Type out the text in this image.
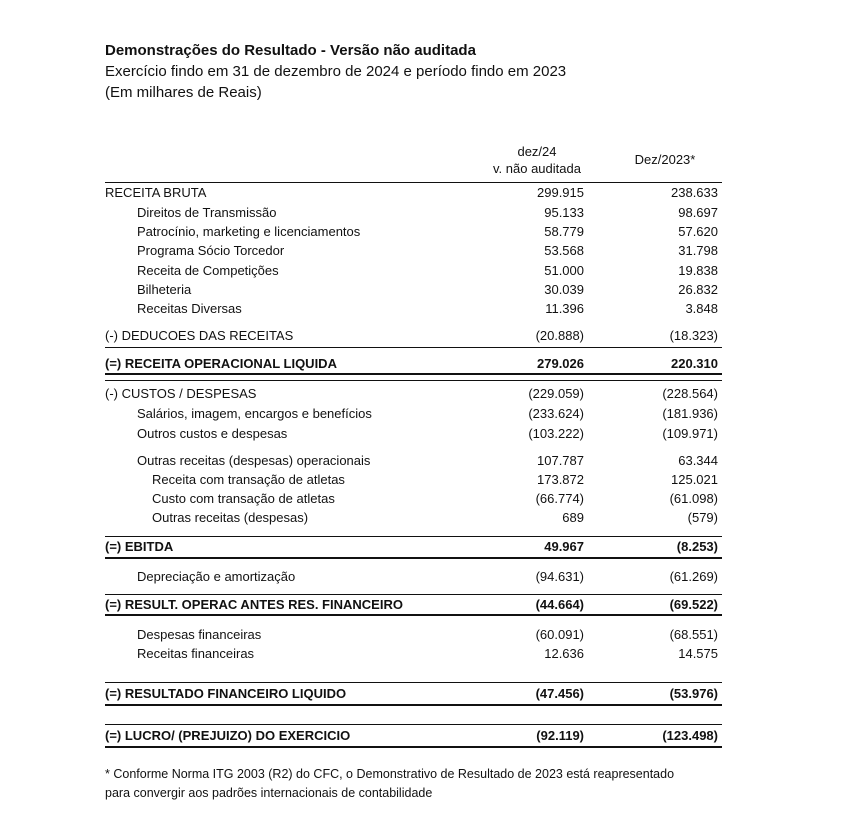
Demonstrações do Resultado - Versão não auditada
Exercício findo em 31 de dezembro de 2024 e período findo em 2023
(Em milhares de Reais)
dez/24
v. não auditada
Dez/2023*
RECEITA BRUTA	299.915	238.633
Direitos de Transmissão	95.133	98.697
Patrocínio, marketing e licenciamentos	58.779	57.620
Programa Sócio Torcedor	53.568	31.798
Receita de Competições	51.000	19.838
Bilheteria	30.039	26.832
Receitas Diversas	11.396	3.848
(-) DEDUCOES DAS RECEITAS	(20.888)	(18.323)
(=) RECEITA OPERACIONAL LIQUIDA	279.026	220.310
(-) CUSTOS / DESPESAS	(229.059)	(228.564)
Salários, imagem, encargos e benefícios	(233.624)	(181.936)
Outros custos e despesas	(103.222)	(109.971)
Outras receitas (despesas) operacionais	107.787	63.344
Receita com transação de atletas	173.872	125.021
Custo com transação de atletas	(66.774)	(61.098)
Outras receitas (despesas)	689	(579)
(=) EBITDA	49.967	(8.253)
Depreciação e amortização	(94.631)	(61.269)
(=) RESULT. OPERAC ANTES RES. FINANCEIRO	(44.664)	(69.522)
Despesas financeiras	(60.091)	(68.551)
Receitas financeiras	12.636	14.575
(=) RESULTADO FINANCEIRO LIQUIDO	(47.456)	(53.976)
(=) LUCRO/ (PREJUIZO) DO EXERCICIO	(92.119)	(123.498)
* Conforme Norma ITG 2003 (R2) do CFC, o Demonstrativo de Resultado de 2023 está reapresentado
para convergir aos padrões internacionais de contabilidade
